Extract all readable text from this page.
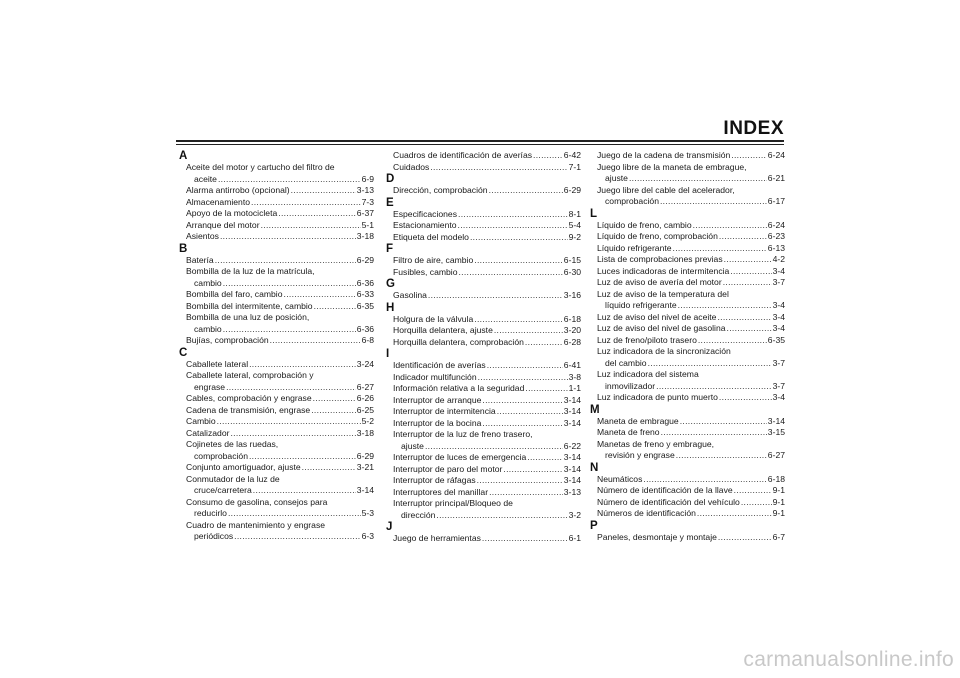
INDEX
A
Aceite del motor y cartucho del filtro de
aceite .....	6-9
Alarma antirrobo (opcional) .....	3-13
Almacenamiento .....	7-3
Apoyo de la motocicleta .....	6-37
Arranque del motor .....	5-1
Asientos .....	3-18
B
Batería .....	6-29
Bombilla de la luz de la matrícula,
cambio .....	6-36
Bombilla del faro, cambio .....	6-33
Bombilla del intermitente, cambio .....	6-35
Bombilla de una luz de posición,
cambio .....	6-36
Bujías, comprobación .....	6-8
C
Caballete lateral .....	3-24
Caballete lateral, comprobación y
engrase .....	6-27
Cables, comprobación y engrase .....	6-26
Cadena de transmisión, engrase .....	6-25
Cambio .....	5-2
Catalizador .....	3-18
Cojinetes de las ruedas,
comprobación .....	6-29
Conjunto amortiguador, ajuste .....	3-21
Conmutador de la luz de
cruce/carretera .....	3-14
Consumo de gasolina, consejos para
reducirlo .....	5-3
Cuadro de mantenimiento y engrase
periódicos .....	6-3
Cuadros de identificación de averías .....	6-42
Cuidados .....	7-1
D
Dirección, comprobación .....	6-29
E
Especificaciones .....	8-1
Estacionamiento .....	5-4
Etiqueta del modelo .....	9-2
F
Filtro de aire, cambio .....	6-15
Fusibles, cambio .....	6-30
G
Gasolina .....	3-16
H
Holgura de la válvula .....	6-18
Horquilla delantera, ajuste .....	3-20
Horquilla delantera, comprobación .....	6-28
I
Identificación de averías .....	6-41
Indicador multifunción .....	3-8
Información relativa a la seguridad .....	1-1
Interruptor de arranque .....	3-14
Interruptor de intermitencia .....	3-14
Interruptor de la bocina .....	3-14
Interruptor de la luz de freno trasero,
ajuste .....	6-22
Interruptor de luces de emergencia .....	3-14
Interruptor de paro del motor .....	3-14
Interruptor de ráfagas .....	3-14
Interruptores del manillar .....	3-13
Interruptor principal/Bloqueo de
dirección .....	3-2
J
Juego de herramientas .....	6-1
Juego de la cadena de transmisión .....	6-24
Juego libre de la maneta de embrague,
ajuste .....	6-21
Juego libre del cable del acelerador,
comprobación .....	6-17
L
Líquido de freno, cambio .....	6-24
Líquido de freno, comprobación .....	6-23
Líquido refrigerante .....	6-13
Lista de comprobaciones previas .....	4-2
Luces indicadoras de intermitencia .....	3-4
Luz de aviso de avería del motor .....	3-7
Luz de aviso de la temperatura del
líquido refrigerante .....	3-4
Luz de aviso del nivel de aceite .....	3-4
Luz de aviso del nivel de gasolina .....	3-4
Luz de freno/piloto trasero .....	6-35
Luz indicadora de la sincronización
del cambio .....	3-7
Luz indicadora del sistema
inmovilizador .....	3-7
Luz indicadora de punto muerto .....	3-4
M
Maneta de embrague .....	3-14
Maneta de freno .....	3-15
Manetas de freno y embrague,
revisión y engrase .....	6-27
N
Neumáticos .....	6-18
Número de identificación de la llave .....	9-1
Número de identificación del vehículo .....	9-1
Números de identificación .....	9-1
P
Paneles, desmontaje y montaje .....	6-7
carmanualsonline.info
